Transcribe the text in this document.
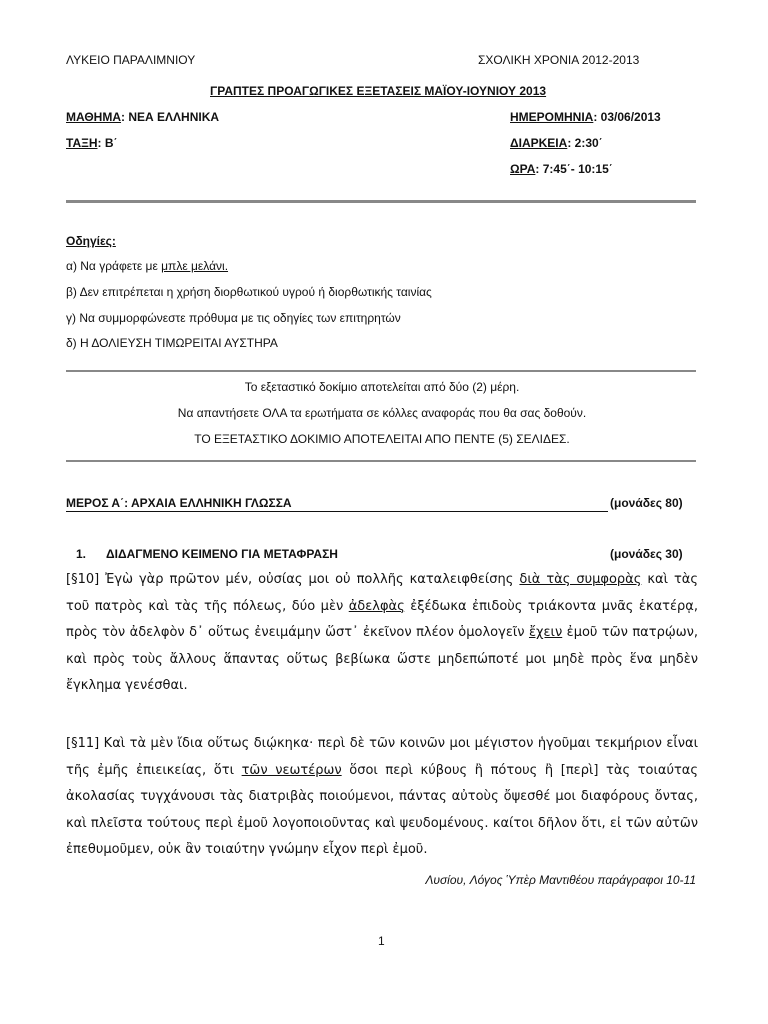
ΛΥΚΕΙΟ ΠΑΡΑΛΙΜΝΙΟΥ	ΣΧΟΛΙΚΗ ΧΡΟΝΙΑ 2012-2013
ΓΡΑΠΤΕΣ ΠΡΟΑΓΩΓΙΚΕΣ ΕΞΕΤΑΣΕΙΣ ΜΑΪΟΥ-ΙΟΥΝΙΟΥ 2013
ΜΑΘΗΜΑ: ΝΕΑ ΕΛΛΗΝΙΚΑ	ΗΜΕΡΟΜΗΝΙΑ: 03/06/2013
ΤΑΞΗ: Β΄	ΔΙΑΡΚΕΙΑ: 2:30΄
ΩΡΑ: 7:45΄- 10:15΄
Οδηγίες:
α) Να γράφετε με μπλε μελάνι.
β) Δεν επιτρέπεται η χρήση διορθωτικού υγρού ή διορθωτικής ταινίας
γ) Να συμμορφώνεστε πρόθυμα με τις οδηγίες των επιτηρητών
δ) Η ΔΟΛΙΕΥΣΗ ΤΙΜΩΡΕΙΤΑΙ ΑΥΣΤΗΡΑ
Το εξεταστικό δοκίμιο αποτελείται από δύο (2) μέρη.
Να απαντήσετε ΟΛΑ τα ερωτήματα σε κόλλες αναφοράς που θα σας δοθούν.
ΤΟ ΕΞΕΤΑΣΤΙΚΟ ΔΟΚΙΜΙΟ ΑΠΟΤΕΛΕΙΤΑΙ ΑΠΟ ΠΕΝΤΕ (5) ΣΕΛΙΔΕΣ.
ΜΕΡΟΣ Α΄: ΑΡΧΑΙΑ ΕΛΛΗΝΙΚΗ ΓΛΩΣΣΑ	(μονάδες 80)
1. ΔΙΔΑΓΜΕΝΟ ΚΕΙΜΕΝΟ ΓΙΑ ΜΕΤΑΦΡΑΣΗ	(μονάδες 30)
[§10] Ἐγὼ γὰρ πρῶτον μέν, οὐσίας μοι οὐ πολλῆς καταλειφθείσης διὰ τὰς συμφορὰς καὶ τὰς τοῦ πατρὸς καὶ τὰς τῆς πόλεως, δύο μὲν ἀδελφὰς ἐξέδωκα ἐπιδοὺς τριάκοντα μνᾶς ἑκατέρᾳ, πρὸς τὸν ἀδελφὸν δ᾽ οὕτως ἐνειμάμην ὥστ᾽ ἐκεῖνον πλέον ὁμολογεῖν ἔχειν ἐμοῦ τῶν πατρῴων, καὶ πρὸς τοὺς ἄλλους ἅπαντας οὕτως βεβίωκα ὥστε μηδεπώποτέ μοι μηδὲ πρὸς ἕνα μηδὲν ἔγκλημα γενέσθαι.
[§11] Καὶ τὰ μὲν ἴδια οὕτως διῴκηκα· περὶ δὲ τῶν κοινῶν μοι μέγιστον ἡγοῦμαι τεκμήριον εἶναι τῆς ἐμῆς ἐπιεικείας, ὅτι τῶν νεωτέρων ὅσοι περὶ κύβους ἢ πότους ἢ [περὶ] τὰς τοιαύτας ἀκολασίας τυγχάνουσι τὰς διατριβὰς ποιούμενοι, πάντας αὐτοὺς ὄψεσθέ μοι διαφόρους ὄντας, καὶ πλεῖστα τούτους περὶ ἐμοῦ λογοποιοῦντας καὶ ψευδομένους. καίτοι δῆλον ὅτι, εἰ τῶν αὐτῶν ἐπεθυμοῦμεν, οὐκ ἂν τοιαύτην γνώμην εἶχον περὶ ἐμοῦ.
Λυσίου, Λόγος Ὑπὲρ Μαντιθέου παράγραφοι 10-11
1
